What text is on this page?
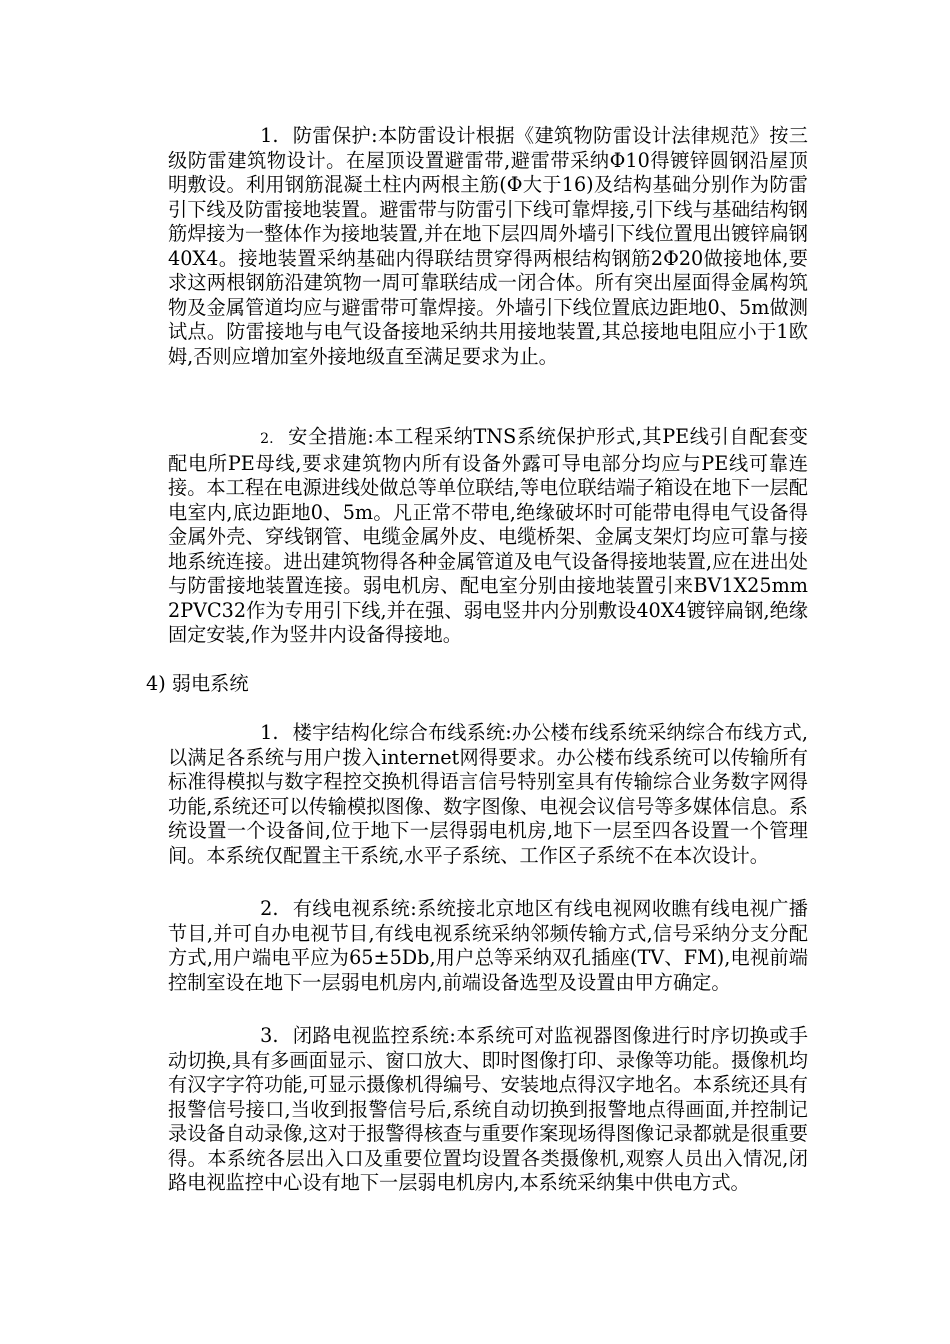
1. 防雷保护:本防雷设计根据《建筑物防雷设计法律规范》按三级防雷建筑物设计。在屋顶设置避雷带,避雷带采纳Φ10得镀锌圆钢沿屋顶明敷设。利用钢筋混凝土柱内两根主筋(Φ大于16)及结构基础分别作为防雷引下线及防雷接地装置。避雷带与防雷引下线可靠焊接,引下线与基础结构钢筋焊接为一整体作为接地装置,并在地下层四周外墙引下线位置甩出镀锌扁钢40X4。接地装置采纳基础内得联结贯穿得两根结构钢筋2Φ20做接地体,要求这两根钢筋沿建筑物一周可靠联结成一闭合体。所有突出屋面得金属构筑物及金属管道均应与避雷带可靠焊接。外墙引下线位置底边距地0、5m做测试点。防雷接地与电气设备接地采纳共用接地装置,其总接地电阻应小于1欧姆,否则应增加室外接地级直至满足要求为止。

2. 安全措施:本工程采纳TNS系统保护形式,其PE线引自配套变配电所PE母线,要求建筑物内所有设备外露可导电部分均应与PE线可靠连接。本工程在电源进线处做总等单位联结,等电位联结端子箱设在地下一层配电室内,底边距地0、5m。凡正常不带电,绝缘破坏时可能带电得电气设备得金属外壳、穿线钢管、电缆金属外皮、电缆桥架、金属支架灯均应可靠与接地系统连接。进出建筑物得各种金属管道及电气设备得接地装置,应在进出处与防雷接地装置连接。弱电机房、配电室分别由接地装置引来BV1X25mm2PVC32作为专用引下线,并在强、弱电竖井内分别敷设40X4镀锌扁钢,绝缘固定安装,作为竖井内设备得接地。

4) 弱电系统

1. 楼宇结构化综合布线系统:办公楼布线系统采纳综合布线方式,以满足各系统与用户拨入internet网得要求。办公楼布线系统可以传输所有标准得模拟与数字程控交换机得语言信号特别室具有传输综合业务数字网得功能,系统还可以传输模拟图像、数字图像、电视会议信号等多媒体信息。系统设置一个设备间,位于地下一层得弱电机房,地下一层至四各设置一个管理间。本系统仅配置主干系统,水平子系统、工作区子系统不在本次设计。

2. 有线电视系统:系统接北京地区有线电视网收瞧有线电视广播节目,并可自办电视节目,有线电视系统采纳邻频传输方式,信号采纳分支分配方式,用户端电平应为65±5Db,用户总等采纳双孔插座(TV、FM),电视前端控制室设在地下一层弱电机房内,前端设备选型及设置由甲方确定。

3. 闭路电视监控系统:本系统可对监视器图像进行时序切换或手动切换,具有多画面显示、窗口放大、即时图像打印、录像等功能。摄像机均有汉字字符功能,可显示摄像机得编号、安装地点得汉字地名。本系统还具有报警信号接口,当收到报警信号后,系统自动切换到报警地点得画面,并控制记录设备自动录像,这对于报警得核查与重要作案现场得图像记录都就是很重要得。本系统各层出入口及重要位置均设置各类摄像机,观察人员出入情况,闭路电视监控中心设有地下一层弱电机房内,本系统采纳集中供电方式。
